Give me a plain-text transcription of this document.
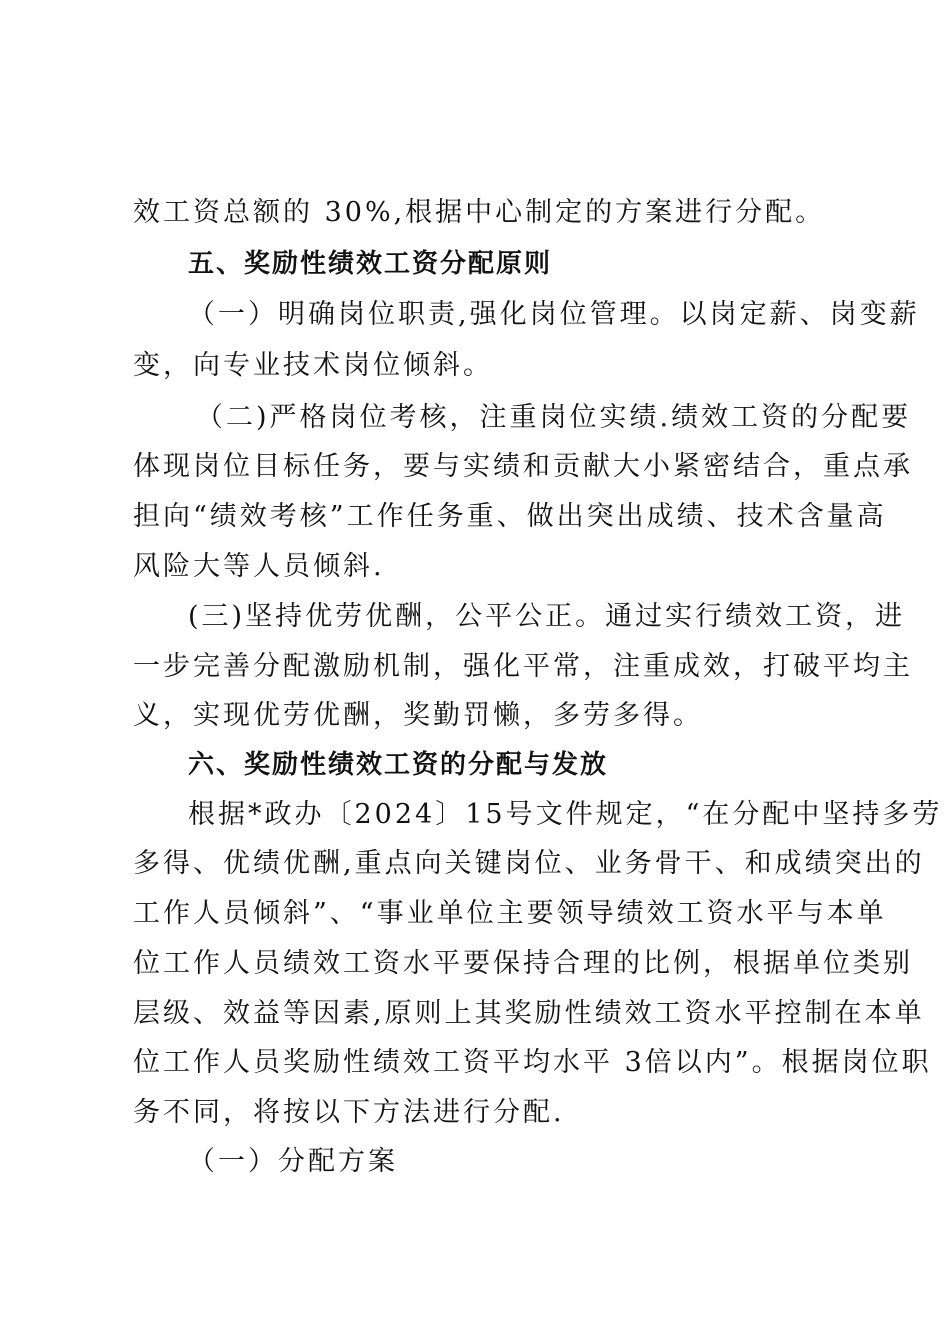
效工资总额的 30%,根据中心制定的方案进行分配。
五、奖励性绩效工资分配原则
（一）明确岗位职责,强化岗位管理。以岗定薪、岗变薪
变，向专业技术岗位倾斜。
（二)严格岗位考核，注重岗位实绩.绩效工资的分配要
体现岗位目标任务，要与实绩和贡献大小紧密结合，重点承
担向“绩效考核”工作任务重、做出突出成绩、技术含量高
风险大等人员倾斜.
(三)坚持优劳优酬，公平公正。通过实行绩效工资，进
一步完善分配激励机制，强化平常，注重成效，打破平均主
义，实现优劳优酬，奖勤罚懒，多劳多得。
六、奖励性绩效工资的分配与发放
根据*政办〔2024〕15号文件规定，“在分配中坚持多劳
多得、优绩优酬,重点向关键岗位、业务骨干、和成绩突出的
工作人员倾斜”、“事业单位主要领导绩效工资水平与本单
位工作人员绩效工资水平要保持合理的比例，根据单位类别
层级、效益等因素,原则上其奖励性绩效工资水平控制在本单
位工作人员奖励性绩效工资平均水平 3倍以内”。根据岗位职
务不同，将按以下方法进行分配.
（一）分配方案
